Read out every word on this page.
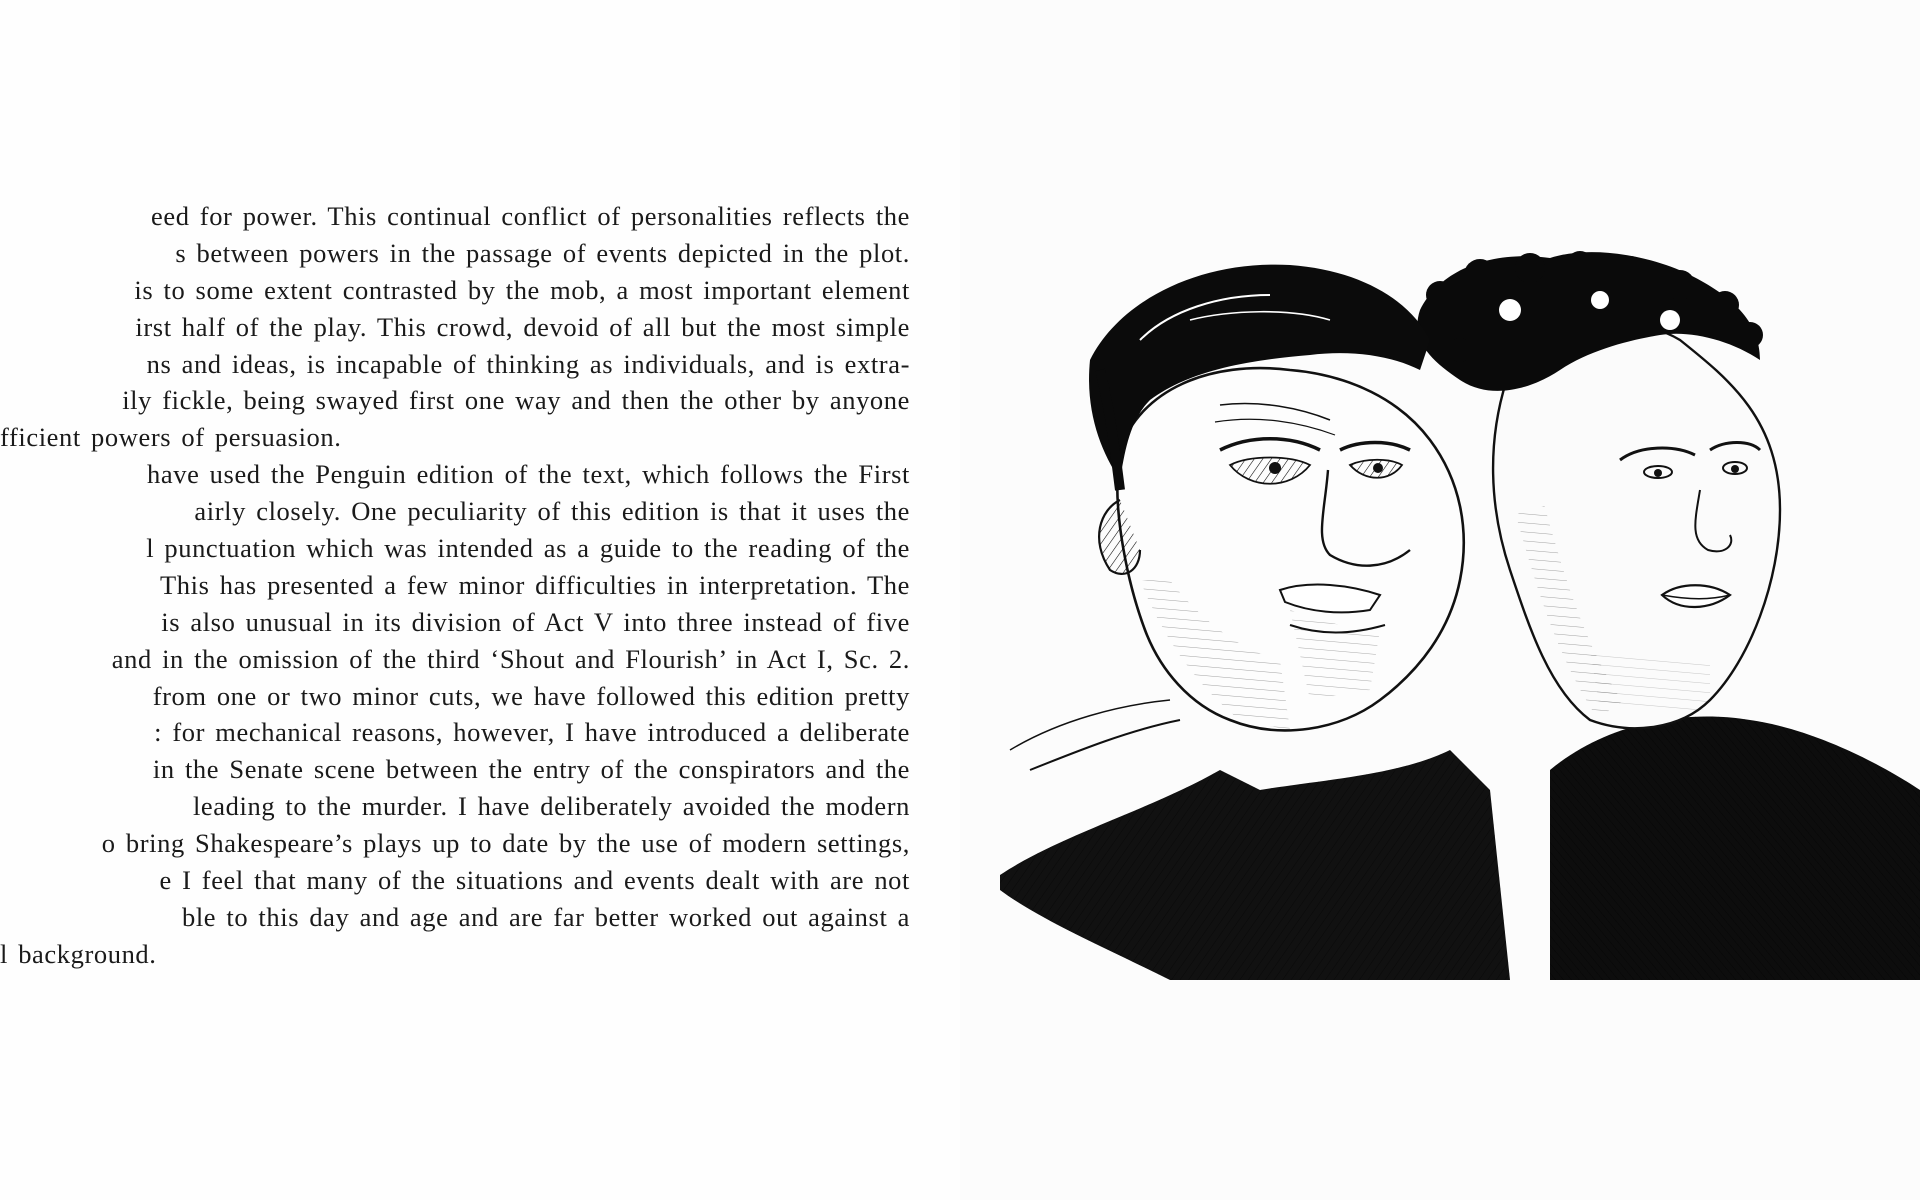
eed for power. This continual conflict of personalities reflects the
s between powers in the passage of events depicted in the plot.
is to some extent contrasted by the mob, a most important element
irst half of the play. This crowd, devoid of all but the most simple
ns and ideas, is incapable of thinking as individuals, and is extra-
ily fickle, being swayed first one way and then the other by anyone
fficient powers of persuasion.
have used the Penguin edition of the text, which follows the First
airly closely. One peculiarity of this edition is that it uses the
l punctuation which was intended as a guide to the reading of the
This has presented a few minor difficulties in interpretation. The
is also unusual in its division of Act V into three instead of five
and in the omission of the third ‘Shout and Flourish’ in Act I, Sc. 2.
from one or two minor cuts, we have followed this edition pretty
: for mechanical reasons, however, I have introduced a deliberate
in the Senate scene between the entry of the conspirators and the
leading to the murder. I have deliberately avoided the modern
o bring Shakespeare’s plays up to date by the use of modern settings,
e I feel that many of the situations and events dealt with are not
ble to this day and age and are far better worked out against a
l background.
